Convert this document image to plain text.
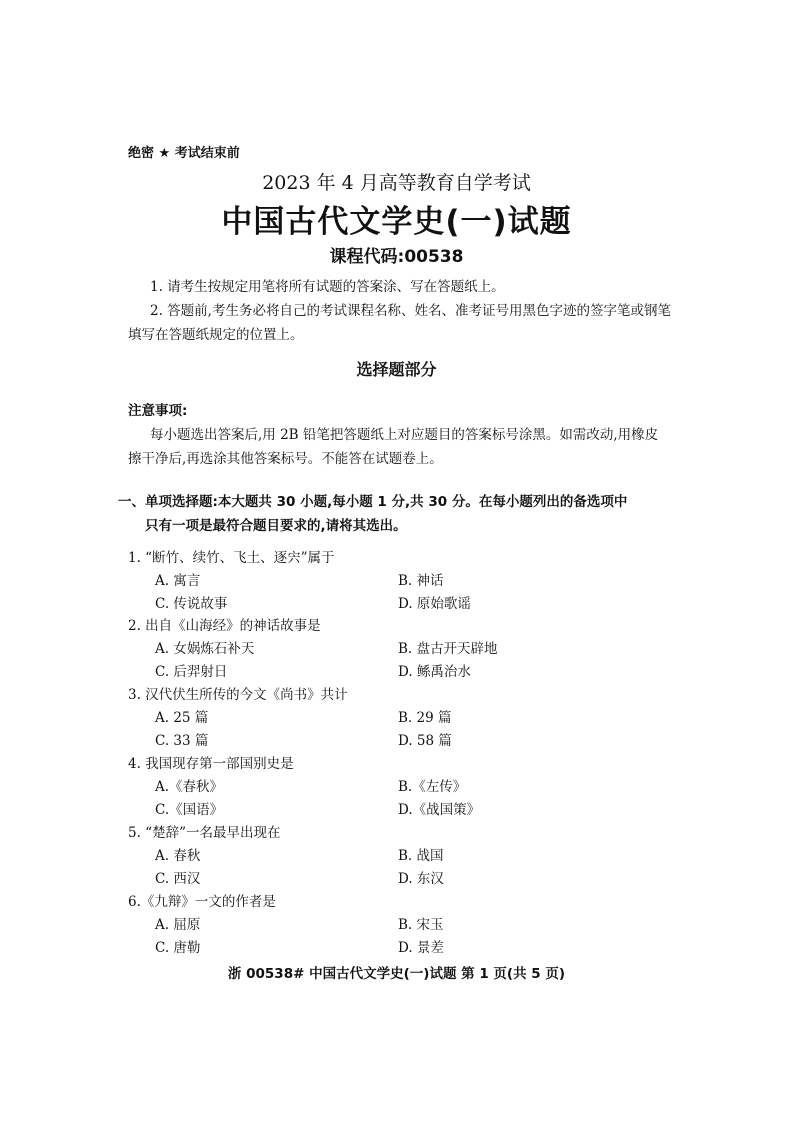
绝密 ★ 考试结束前
2023 年 4 月高等教育自学考试
中国古代文学史(一)试题
课程代码:00538
1. 请考生按规定用笔将所有试题的答案涂、写在答题纸上。
2. 答题前,考生务必将自己的考试课程名称、姓名、准考证号用黑色字迹的签字笔或钢笔
填写在答题纸规定的位置上。
选择题部分
注意事项:
每小题选出答案后,用 2B 铅笔把答题纸上对应题目的答案标号涂黑。如需改动,用橡皮
擦干净后,再选涂其他答案标号。不能答在试题卷上。
一、单项选择题:本大题共 30 小题,每小题 1 分,共 30 分。在每小题列出的备选项中
只有一项是最符合题目要求的,请将其选出。
1. “断竹、续竹、飞土、逐宍”属于
A. 寓言	B. 神话
C. 传说故事	D. 原始歌谣
2. 出自《山海经》的神话故事是
A. 女娲炼石补天	B. 盘古开天辟地
C. 后羿射日	D. 鲧禹治水
3. 汉代伏生所传的今文《尚书》共计
A. 25 篇	B. 29 篇
C. 33 篇	D. 58 篇
4. 我国现存第一部国别史是
A.《春秋》	B.《左传》
C.《国语》	D.《战国策》
5. “楚辞”一名最早出现在
A. 春秋	B. 战国
C. 西汉	D. 东汉
6.《九辩》一文的作者是
A. 屈原	B. 宋玉
C. 唐勒	D. 景差
浙 00538# 中国古代文学史(一)试题 第 1 页(共 5 页)
